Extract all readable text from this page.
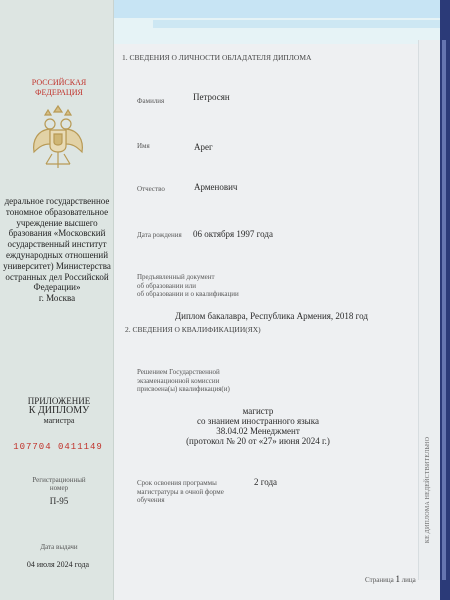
РОССИЙСКАЯ
ФЕДЕРАЦИЯ
деральное государственное
тономное образовательное
учреждение высшего
бразования «Московский
осударственный институт
еждународных отношений
университет) Министерства
остранных дел Российской
Федерации»
г. Москва
ПРИЛОЖЕНИЕ
К ДИПЛОМУ
магистра
107704 0411149
Регистрационный
номер
П-95
Дата выдачи
04 июля 2024 года
1. СВЕДЕНИЯ О ЛИЧНОСТИ ОБЛАДАТЕЛЯ ДИПЛОМА
Фамилия	Петросян
Имя	Арег
Отчество	Арменович
Дата рождения 06 октября 1997 года
Предъявленный документ
об образовании или
об образовании и о квалификации
Диплом бакалавра, Республика Армения, 2018 год
2. СВЕДЕНИЯ О КВАЛИФИКАЦИИ(ЯХ)
Решением Государственной
экзаменационной комиссии
присвоена(ы) квалификация(и)
магистр
со знанием иностранного языка
38.04.02 Менеджмент
(протокол № 20 от «27» июня 2024 г.)
Срок освоения программы
магистратуры в очной форме
обучения
2 года	КЕ ДИПЛОМА НЕДЕЙСТВИТЕЛЬНО
Страница 1 лица
